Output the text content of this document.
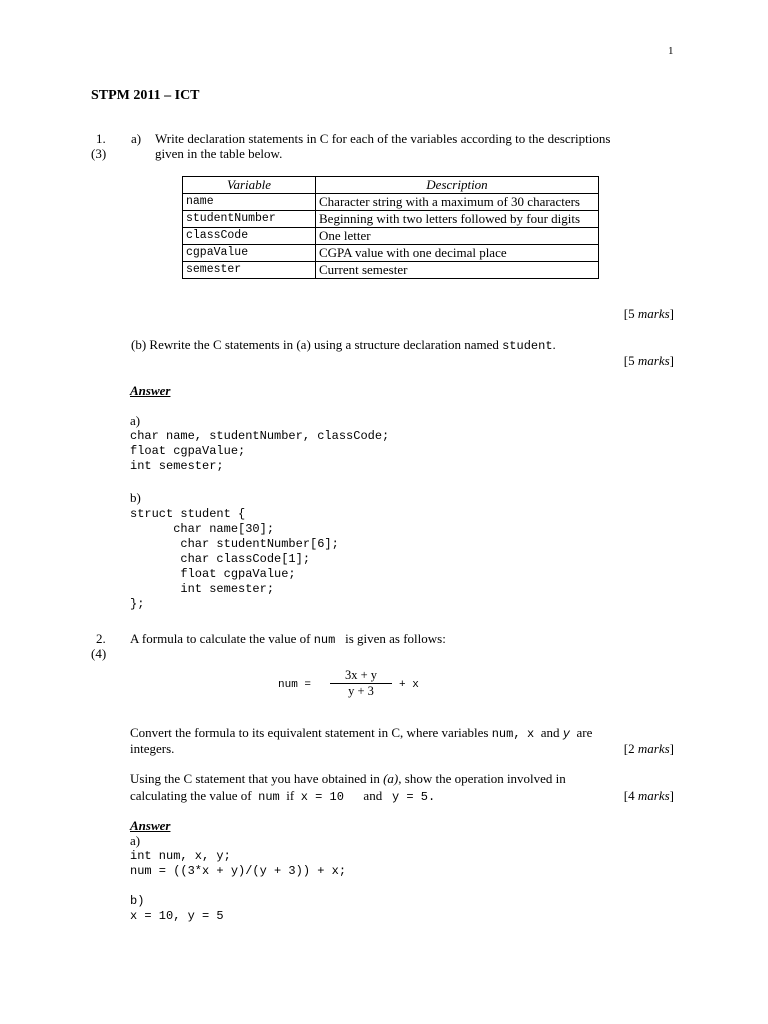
1
STPM 2011 – ICT
1.
(3)
a) Write declaration statements in C for each of the variables according to the descriptions
given in the table below.
Variable	Description
name	Character string with a maximum of 30 characters
studentNumber	Beginning with two letters followed by four digits
classCode	One letter
cgpaValue	CGPA value with one decimal place
semester	Current semester
[5 marks]
(b) Rewrite the C statements in (a) using a structure declaration named student.
[5 marks]
Answer
a)
char name, studentNumber, classCode;
float cgpaValue;
int semester;
b)
struct student {
char name[30];
char studentNumber[6];
char classCode[1];
float cgpaValue;
int semester;
};
2.
(4)
A formula to calculate the value of num is given as follows:
num =
3x + y
y + 3	+ x
Convert the formula to its equivalent statement in C, where variables num, x and y are
integers.	[2 marks]
Using the C statement that you have obtained in (a), show the operation involved in
calculating the value of num if x = 10 and y = 5.	[4 marks]
Answer
a)
int num, x, y;
num = ((3*x + y)/(y + 3)) + x;
b)
x = 10, y = 5
